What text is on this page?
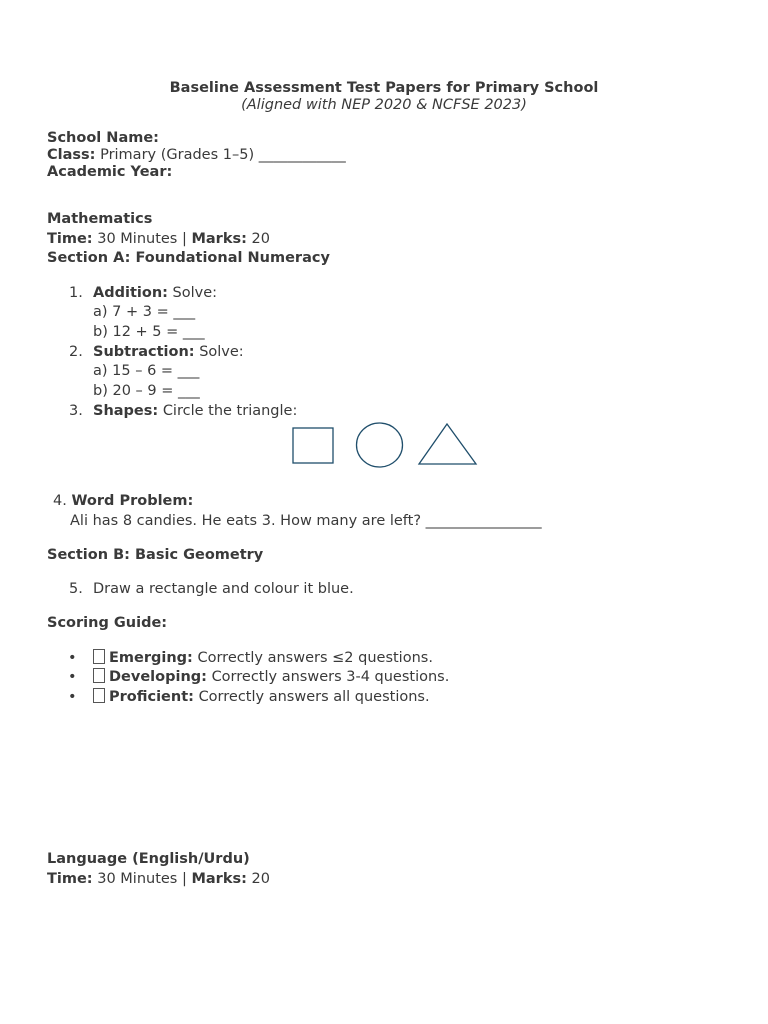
Baseline Assessment Test Papers for Primary School
(Aligned with NEP 2020 & NCFSE 2023)
School Name:
Class: Primary (Grades 1–5) ____________
Academic Year:
Mathematics
Time: 30 Minutes | Marks: 20
Section A: Foundational Numeracy
1. Addition: Solve:
a) 7 + 3 = ___
b) 12 + 5 = ___
2. Subtraction: Solve:
a) 15 – 6 = ___
b) 20 – 9 = ___
3. Shapes: Circle the triangle:
4. Word Problem:
Ali has 8 candies. He eats 3. How many are left? ________________
Section B: Basic Geometry
5. Draw a rectangle and colour it blue.
Scoring Guide:
•	Emerging: Correctly answers ≤2 questions.
•	Developing: Correctly answers 3-4 questions.
•	Proficient: Correctly answers all questions.
Language (English/Urdu)
Time: 30 Minutes | Marks: 20
